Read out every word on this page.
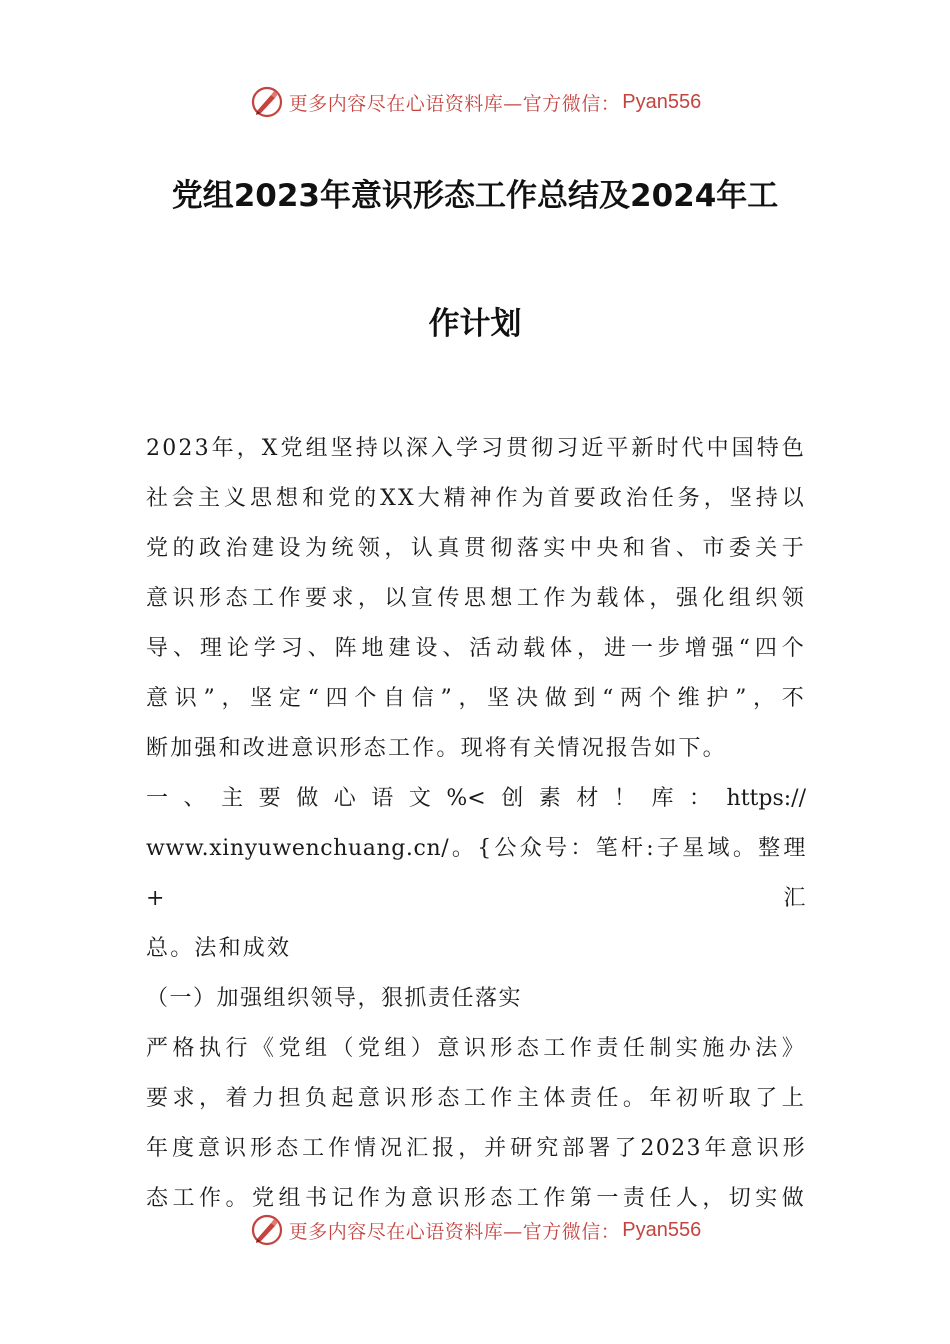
更多内容尽在心语资料库—官方微信： Pyan556
党组2023年意识形态工作总结及2024年工
作计划

2023年，X党组坚持以深入学习贯彻习近平新时代中国特色

社会主义思想和党的XX大精神作为首要政治任务，坚持以

党的政治建设为统领，认真贯彻落实中央和省、市委关于

意识形态工作要求，以宣传思想工作为载体，强化组织领

导、理论学习、阵地建设、活动载体，进一步增强“四个

意识”，坚定“四个自信”，坚决做到“两个维护”，不

断加强和改进意识形态工作。现将有关情况报告如下。

一 、 主 要 做 心 语 文 %< 创 素 材 ！ 库 ： https://

www.xinyuwenchuang.cn/。{公众号：笔杆:子星域。整理+汇

总。法和成效

（一）加强组织领导，狠抓责任落实

严格执行《党组（党组）意识形态工作责任制实施办法》

要求，着力担负起意识形态工作主体责任。年初听取了上

年度意识形态工作情况汇报，并研究部署了2023年意识形

态工作。党组书记作为意识形态工作第一责任人，切实做

更多内容尽在心语资料库—官方微信： Pyan556
